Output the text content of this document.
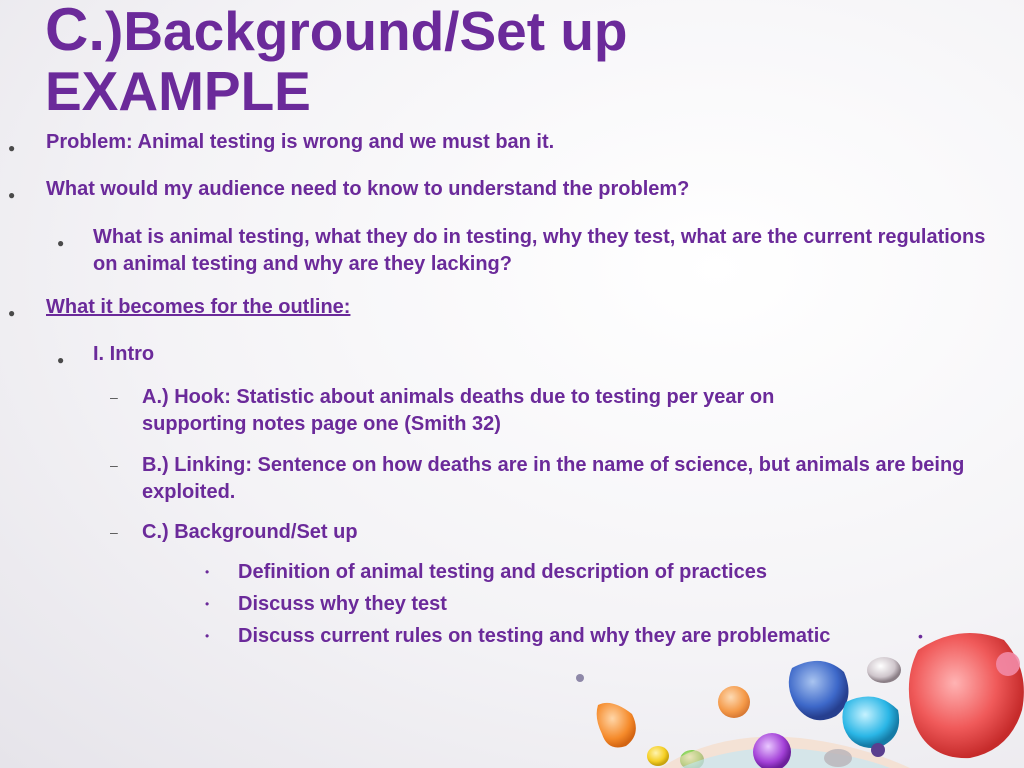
C.)Background/Set up
EXAMPLE
● Problem: Animal testing is wrong and we must ban it.
● What would my audience need to know to understand the problem?
● What is animal testing, what they do in testing, why they test, what are the current regulations on animal testing and why are they lacking?
● What it becomes for the outline:
● I. Intro
– A.) Hook: Statistic about animals deaths due to testing per year on supporting notes page one (Smith 32)
– B.) Linking: Sentence on how deaths are in the name of science, but animals are being exploited.
– C.) Background/Set up
• Definition of animal testing and description of practices
• Discuss why they test
• Discuss current rules on testing and why they are problematic	•
